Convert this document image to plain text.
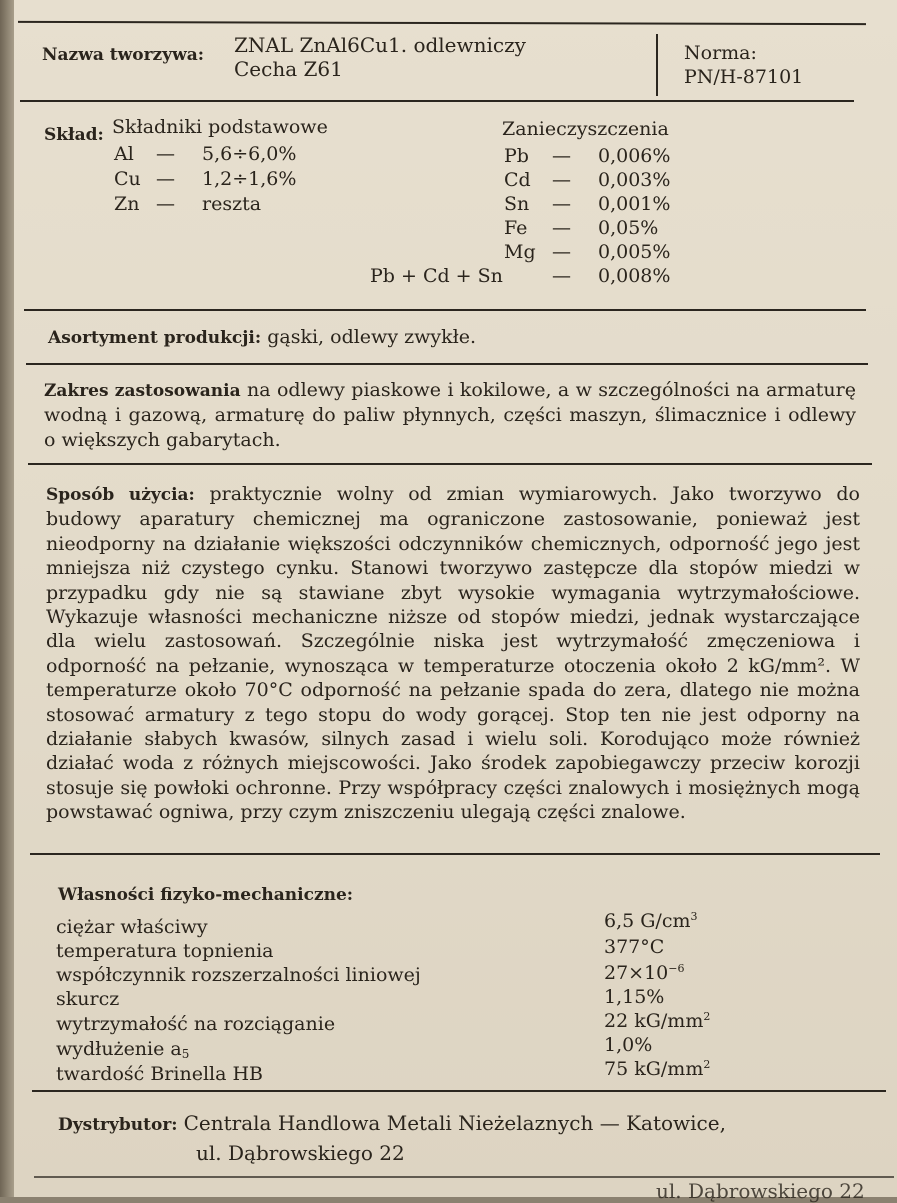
Nazwa tworzywa: ZNAL ZnAl6Cu1. odlewniczy
Cecha Z61
Norma:
PN/H-87101
Skład: Składniki podstawowe	Zanieczyszczenia
Al — 5,6÷6,0%
Cu — 1,2÷1,6%
Zn — reszta
Pb — 0,006%
Cd — 0,003%
Sn — 0,001%
Fe — 0,05%
Mg — 0,005%
Pb + Cd + Sn	— 0,008%
Asortyment produkcji: gąski, odlewy zwykłe.
Zakres zastosowania na odlewy piaskowe i kokilowe, a w szczególności na armaturę wodną i gazową, armaturę do paliw płynnych, części maszyn, ślimacznice i odlewy o większych gabarytach.
Sposób użycia: praktycznie wolny od zmian wymiarowych. Jako tworzywo do budowy aparatury chemicznej ma ograniczone zastosowanie, ponieważ jest nieodporny na działanie większości odczynników chemicznych, odporność jego jest mniejsza niż czystego cynku. Stanowi tworzywo zastępcze dla stopów miedzi w przypadku gdy nie są stawiane zbyt wysokie wymagania wytrzymałościowe. Wykazuje własności mechaniczne niższe od stopów miedzi, jednak wystarczające dla wielu zastosowań. Szczególnie niska jest wytrzymałość zmęczeniowa i odporność na pełzanie, wynosząca w temperaturze otoczenia około 2 kG/mm². W temperaturze około 70°C odporność na pełzanie spada do zera, dlatego nie można stosować armatury z tego stopu do wody gorącej. Stop ten nie jest odporny na działanie słabych kwasów, silnych zasad i wielu soli. Korodująco może również działać woda z różnych miejscowości. Jako środek zapobiegawczy przeciw korozji stosuje się powłoki ochronne. Przy współpracy części znalowych i mosiężnych mogą powstawać ogniwa, przy czym zniszczeniu ulegają części znalowe.
Własności fizyko-mechaniczne:
ciężar właściwy	6,5 $G/cm^3$
temperatura topnienia	377°C
współczynnik rozszerzalności liniowej	$27\times 10^{-6}$
skurcz	1,15%
wytrzymałość na rozciąganie	22 $kG/mm^2$
wydłużenie $a_5$	1,0%
twardość Brinella HB	75 $kG/mm^2$
Dystrybutor: Centrala Handlowa Metali Nieżelaznych — Katowice,
ul. Dąbrowskiego 22
ul. Dąbrowskiego 22
